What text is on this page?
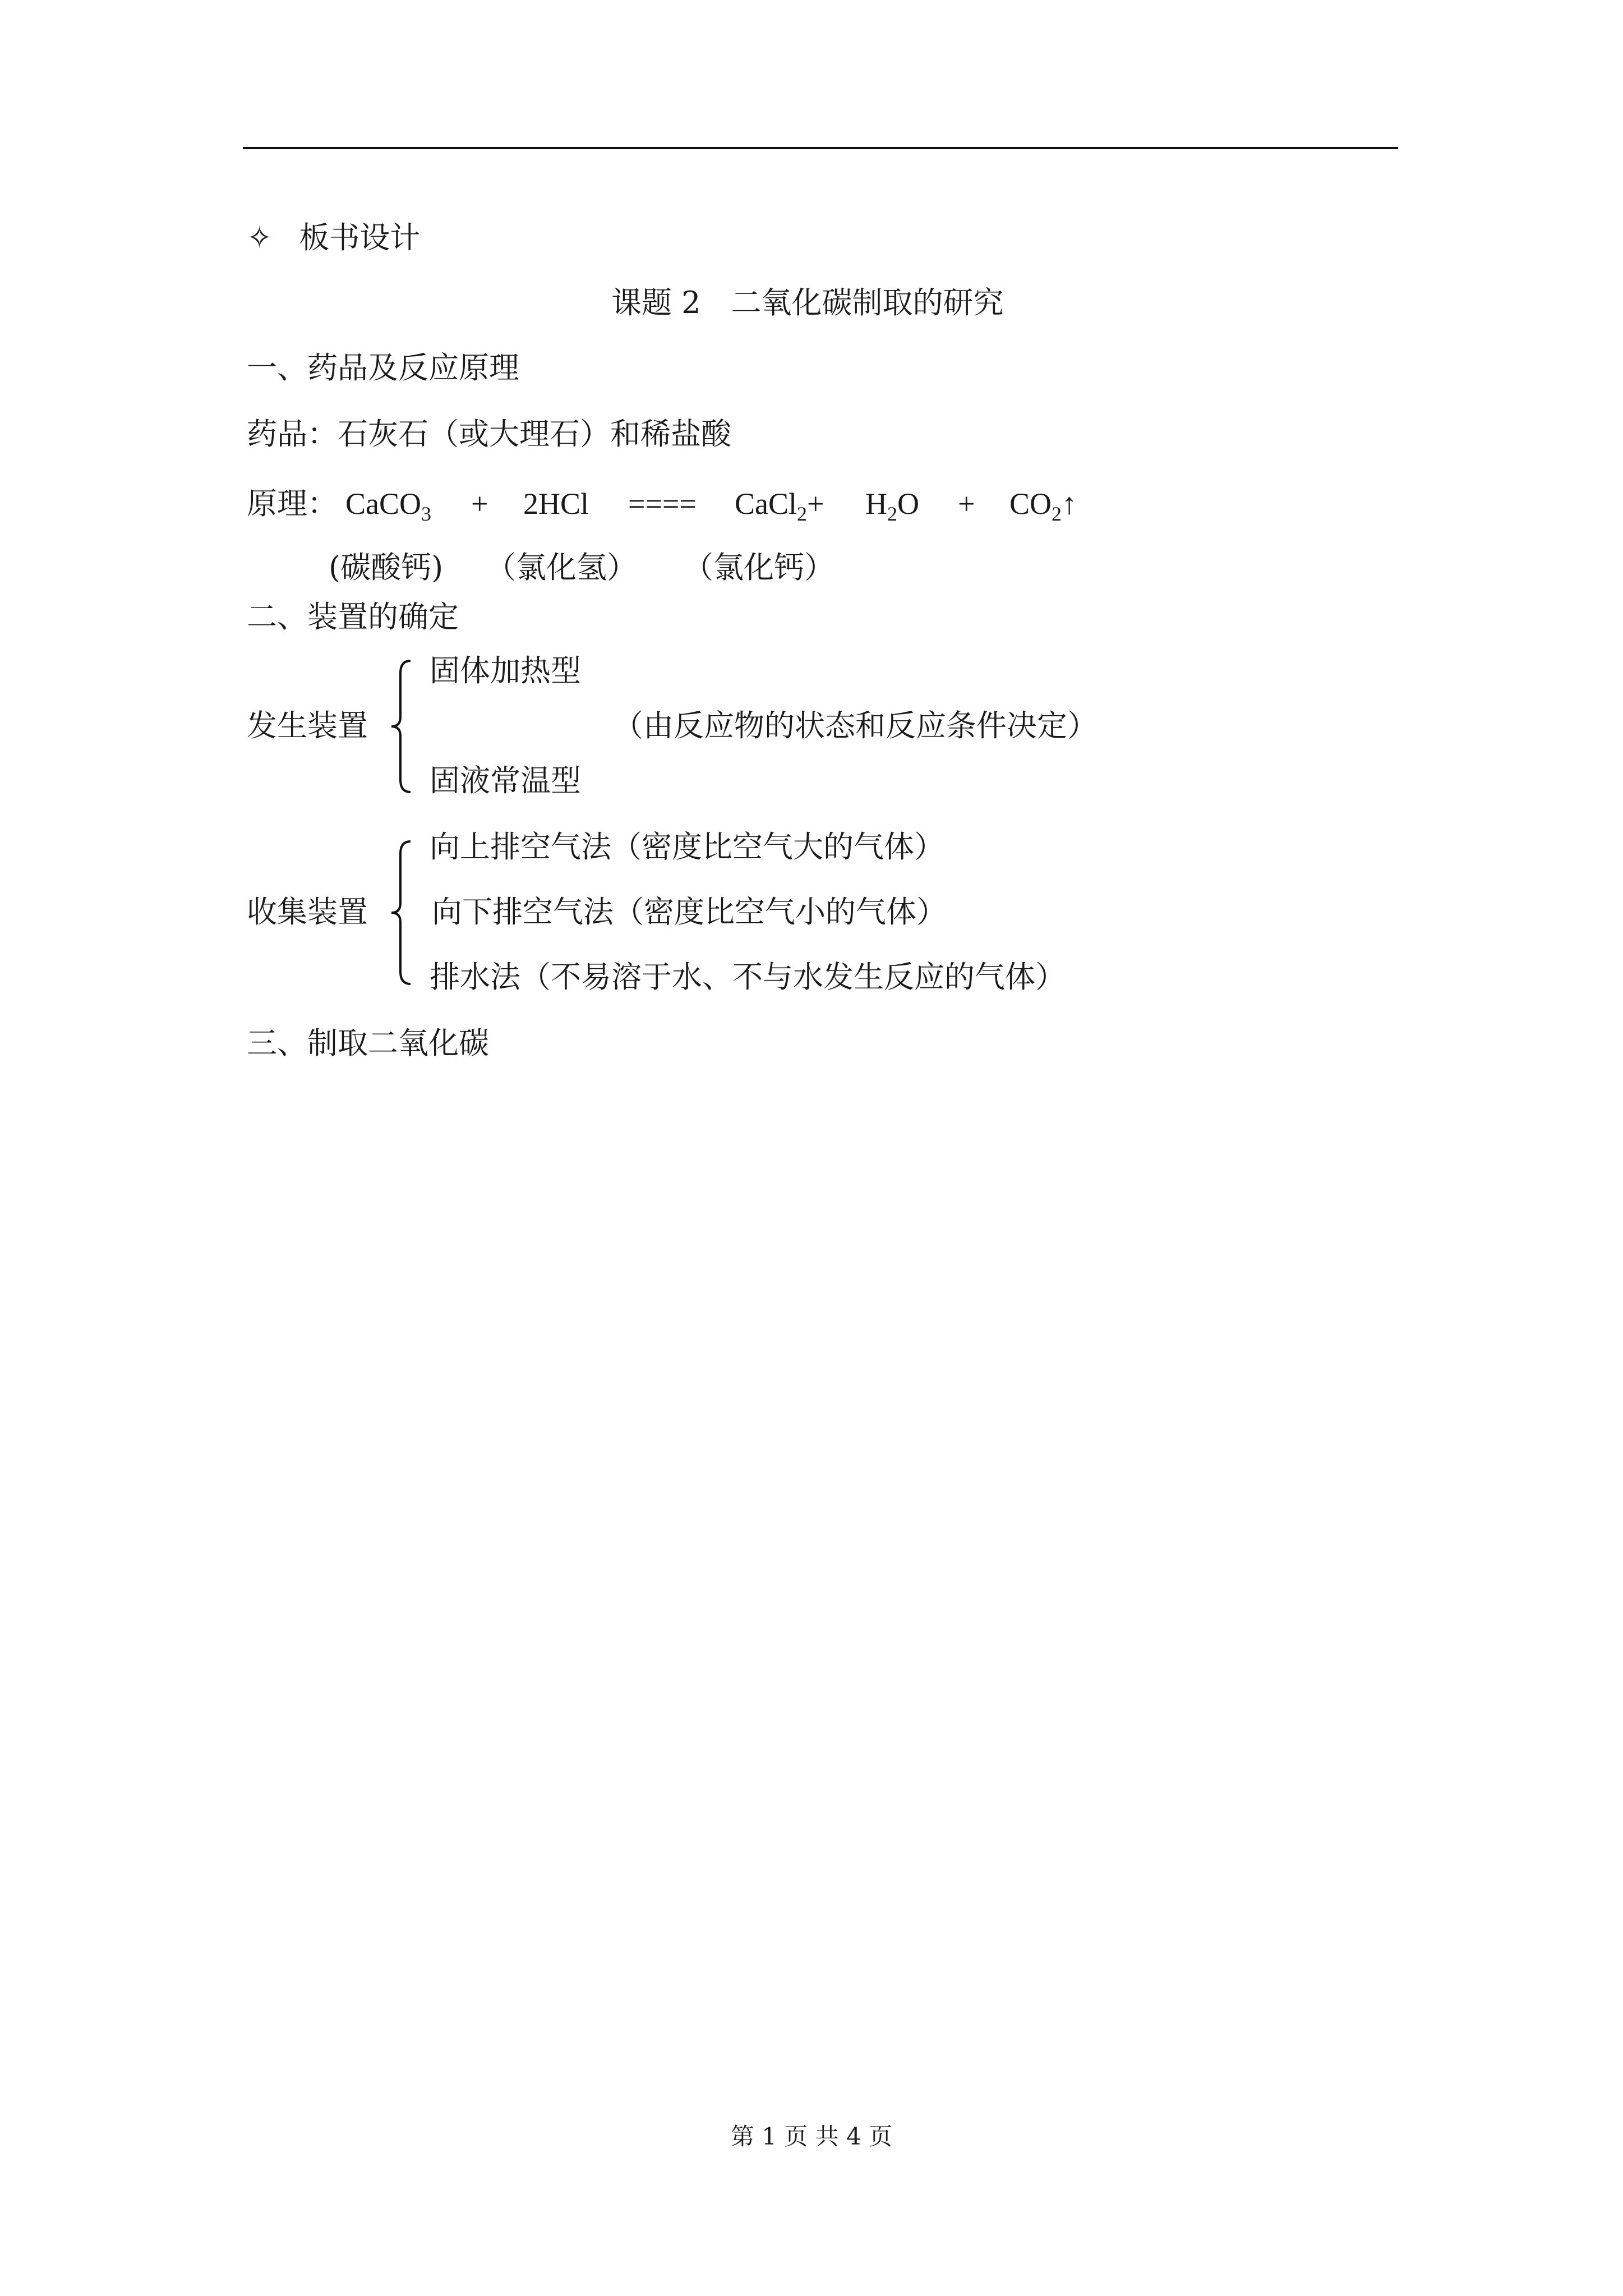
✧ 板书设计
课题 2　二氧化碳制取的研究
一、药品及反应原理
药品：石灰石（或大理石）和稀盐酸
原理： CaCO$_3$ + 2HCl ==== CaCl$_2$+ $H_2O$ + $CO_2↑$
(碳酸钙) （氯化氢） （氯化钙）
二、装置的确定
发生装置
固体加热型
（由反应物的状态和反应条件决定）
固液常温型
收集装置
向上排空气法（密度比空气大的气体）
向下排空气法（密度比空气小的气体）
排水法（不易溶于水、不与水发生反应的气体）
三、制取二氧化碳
第 1 页 共 4 页
